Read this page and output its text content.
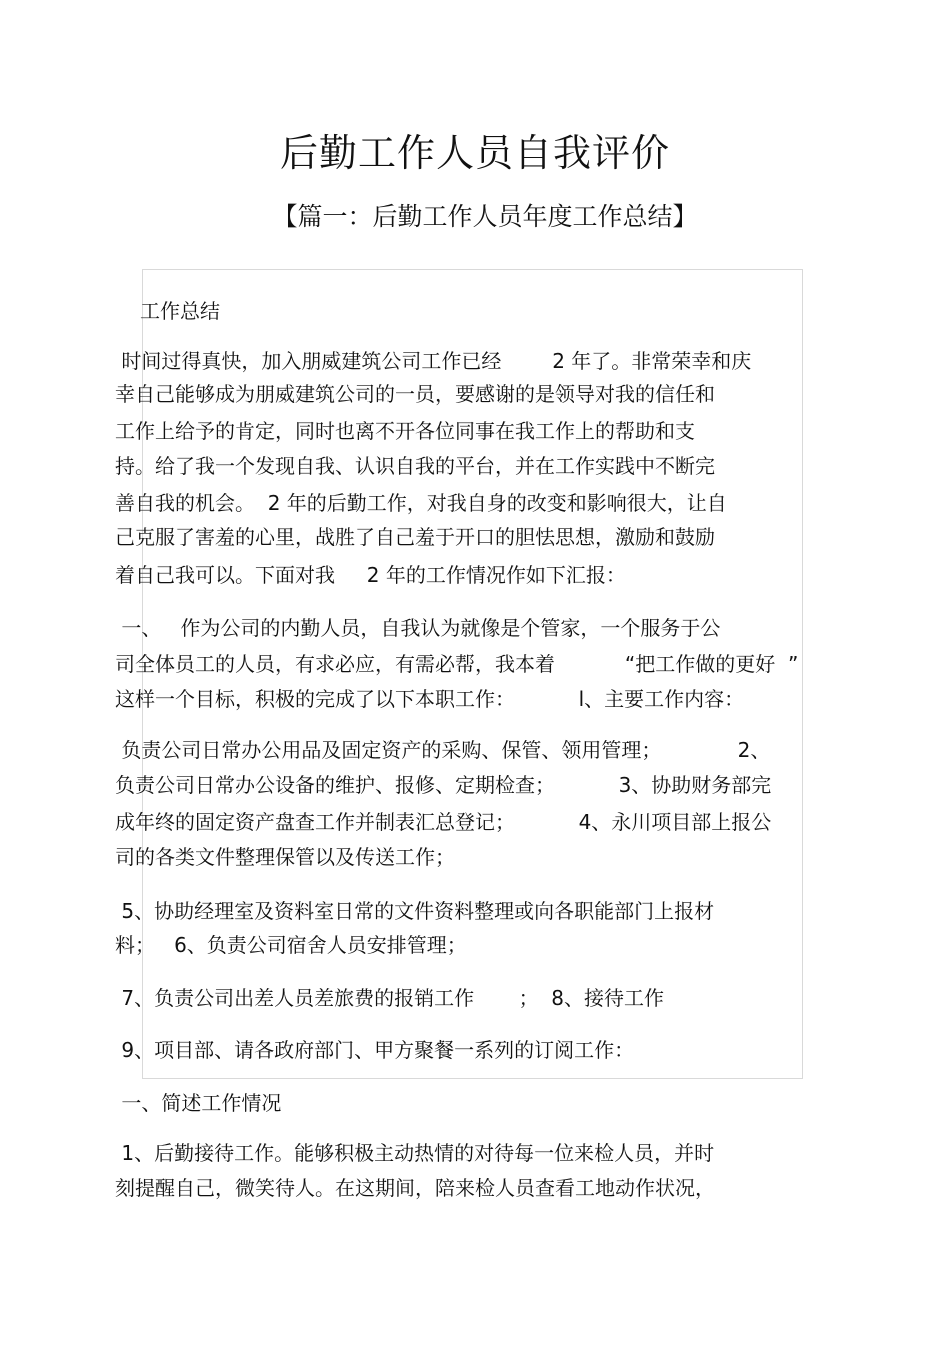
后勤工作人员自我评价
【篇一：后勤工作人员年度工作总结】
工作总结
时间过得真快，加入朋威建筑公司工作已经        2 年了。非常荣幸和庆
幸自己能够成为朋威建筑公司的一员，要感谢的是领导对我的信任和
工作上给予的肯定，同时也离不开各位同事在我工作上的帮助和支
持。给了我一个发现自我、认识自我的平台，并在工作实践中不断完
善自我的机会。  2 年的后勤工作，对我自身的改变和影响很大，让自
己克服了害羞的心里，战胜了自己羞于开口的胆怯思想，激励和鼓励
着自己我可以。下面对我     2 年的工作情况作如下汇报：
一、   作为公司的内勤人员，自我认为就像是个管家，一个服务于公
司全体员工的人员，有求必应，有需必帮，我本着           “把工作做的更好  ”
这样一个目标，积极的完成了以下本职工作：          l、主要工作内容：
负责公司日常办公用品及固定资产的采购、保管、领用管理；            2、
负责公司日常办公设备的维护、报修、定期检查；          3、协助财务部完
成年终的固定资产盘查工作并制表汇总登记；          4、永川项目部上报公
司的各类文件整理保管以及传送工作；
5、协助经理室及资料室日常的文件资料整理或向各职能部门上报材
料；   6、负责公司宿舍人员安排管理；
7、负责公司出差人员差旅费的报销工作       ；  8、接待工作
9、项目部、请各政府部门、甲方聚餐一系列的订阅工作：
一、简述工作情况
1、后勤接待工作。能够积极主动热情的对待每一位来检人员，并时
刻提醒自己，微笑待人。在这期间，陪来检人员查看工地动作状况，
